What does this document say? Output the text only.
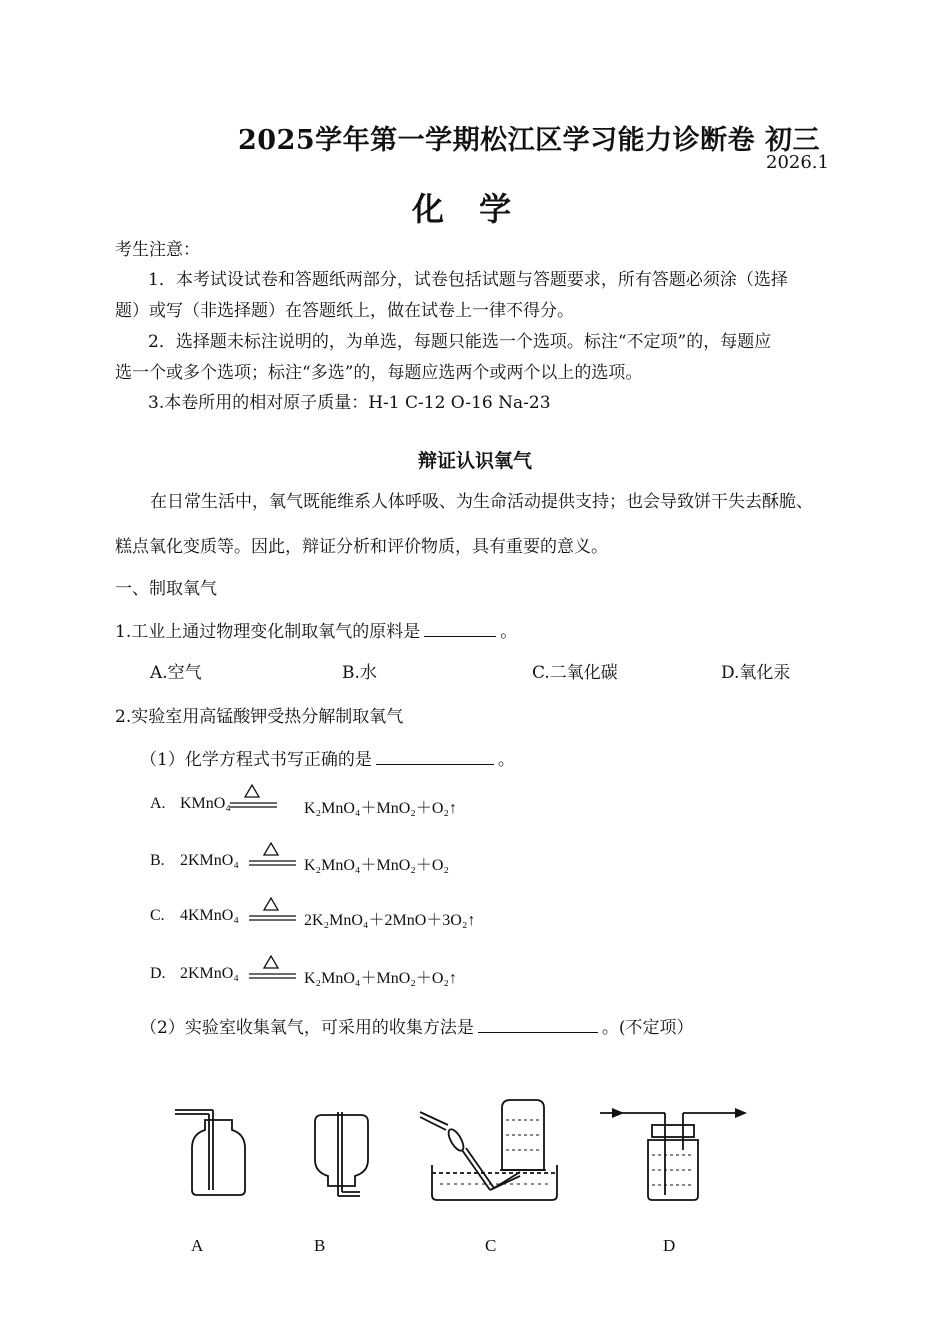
2025学年第一学期松江区学习能力诊断卷 初三
2026.1
化 学
考生注意：
1．本考试设试卷和答题纸两部分，试卷包括试题与答题要求，所有答题必须涂（选择
题）或写（非选择题）在答题纸上，做在试卷上一律不得分。
2．选择题未标注说明的，为单选，每题只能选一个选项。标注“不定项”的，每题应
选一个或多个选项；标注“多选”的，每题应选两个或两个以上的选项。
3.本卷所用的相对原子质量：H-1 C-12 O-16 Na-23
辩证认识氧气
在日常生活中，氧气既能维系人体呼吸、为生命活动提供支持；也会导致饼干失去酥脆、
糕点氧化变质等。因此，辩证分析和评价物质，具有重要的意义。
一、制取氧气
1.工业上通过物理变化制取氧气的原料是	。
A.空气	B.水	C.二氧化碳	D.氧化汞
2.实验室用高锰酸钾受热分解制取氧气
（1）化学方程式书写正确的是	。
A. KMnO₄	K₂MnO₄＋MnO₂＋O₂↑
B. 2KMnO₄	K₂MnO₄＋MnO₂＋O₂
C. 4KMnO₄	2K₂MnO₄＋2MnO＋3O₂↑
D. 2KMnO₄	K₂MnO₄＋MnO₂＋O₂↑
A	B	C	D
（2）实验室收集氧气，可采用的收集方法是	。(不定项）
